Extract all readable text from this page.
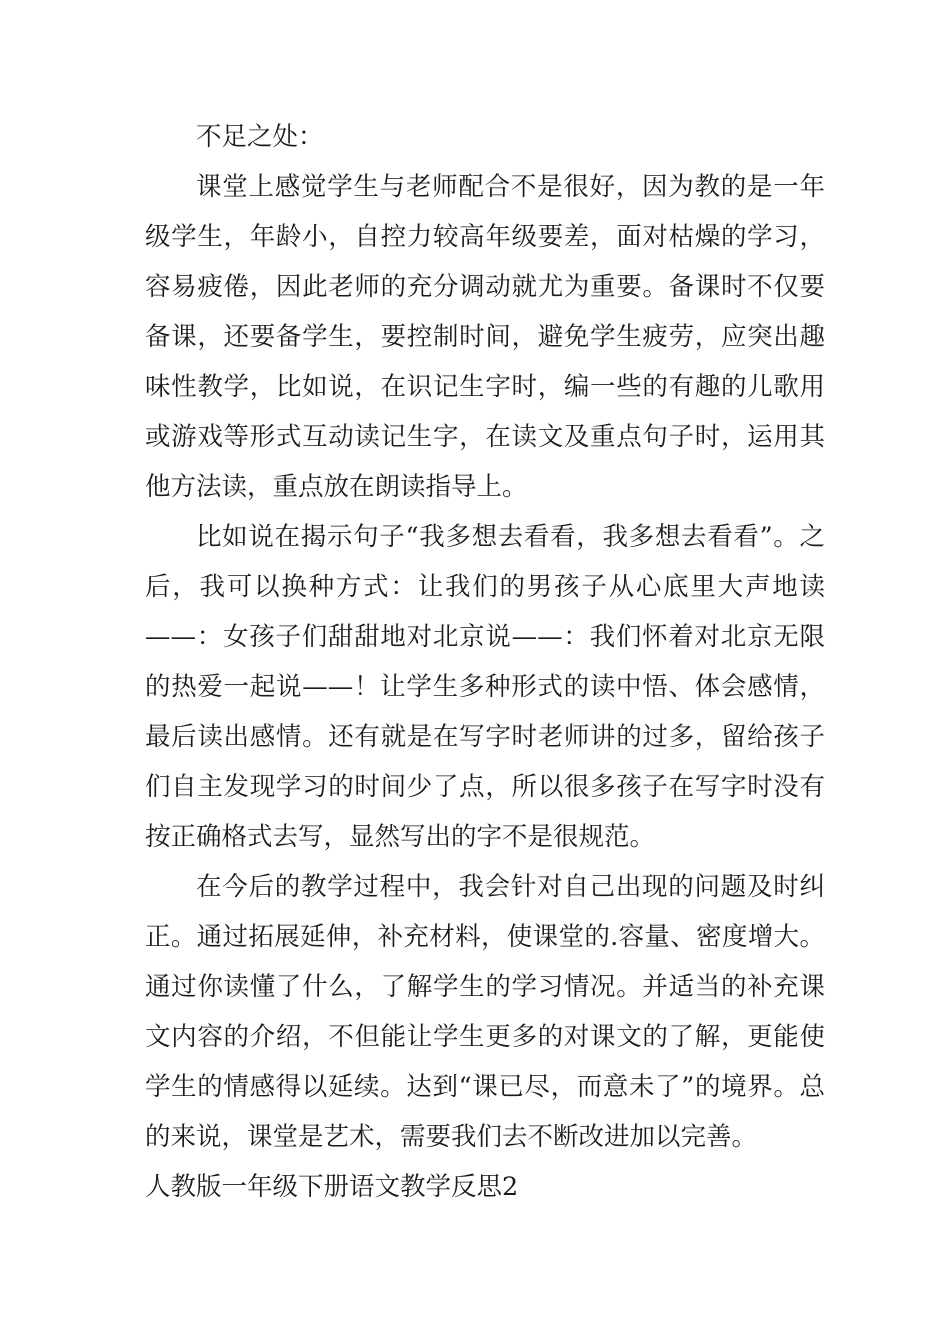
不足之处：

课堂上感觉学生与老师配合不是很好，因为教的是一年级学生，年龄小，自控力较高年级要差，面对枯燥的学习，容易疲倦，因此老师的充分调动就尤为重要。备课时不仅要备课，还要备学生，要控制时间，避免学生疲劳，应突出趣味性教学，比如说，在识记生字时，编一些的有趣的儿歌用或游戏等形式互动读记生字，在读文及重点句子时，运用其他方法读，重点放在朗读指导上。

比如说在揭示句子“我多想去看看，我多想去看看”。之后，我可以换种方式：让我们的男孩子从心底里大声地读——：女孩子们甜甜地对北京说——：我们怀着对北京无限的热爱一起说——！让学生多种形式的读中悟、体会感情，最后读出感情。还有就是在写字时老师讲的过多，留给孩子们自主发现学习的时间少了点，所以很多孩子在写字时没有按正确格式去写，显然写出的字不是很规范。

在今后的教学过程中，我会针对自己出现的问题及时纠正。通过拓展延伸，补充材料，使课堂的.容量、密度增大。通过你读懂了什么，了解学生的学习情况。并适当的补充课文内容的介绍，不但能让学生更多的对课文的了解，更能使学生的情感得以延续。达到“课已尽，而意未了”的境界。总的来说，课堂是艺术，需要我们去不断改进加以完善。

人教版一年级下册语文教学反思2
